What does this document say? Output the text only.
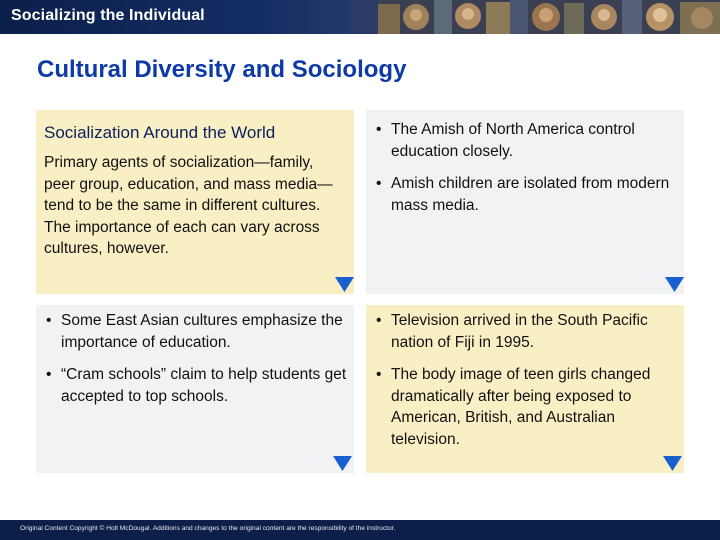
Socializing the Individual
Cultural Diversity and Sociology
Socialization Around the World
Primary agents of socialization—family, peer group, education, and mass media—tend to be the same in different cultures. The importance of each can vary across cultures, however.
• The Amish of North America control education closely.
• Amish children are isolated from modern mass media.
• Some East Asian cultures emphasize the importance of education.
• “Cram schools” claim to help students get accepted to top schools.
• Television arrived in the South Pacific nation of Fiji in 1995.
• The body image of teen girls changed dramatically after being exposed to American, British, and Australian television.
Original Content Copyright © Holt McDougal. Additions and changes to the original content are the responsibility of the instructor.
